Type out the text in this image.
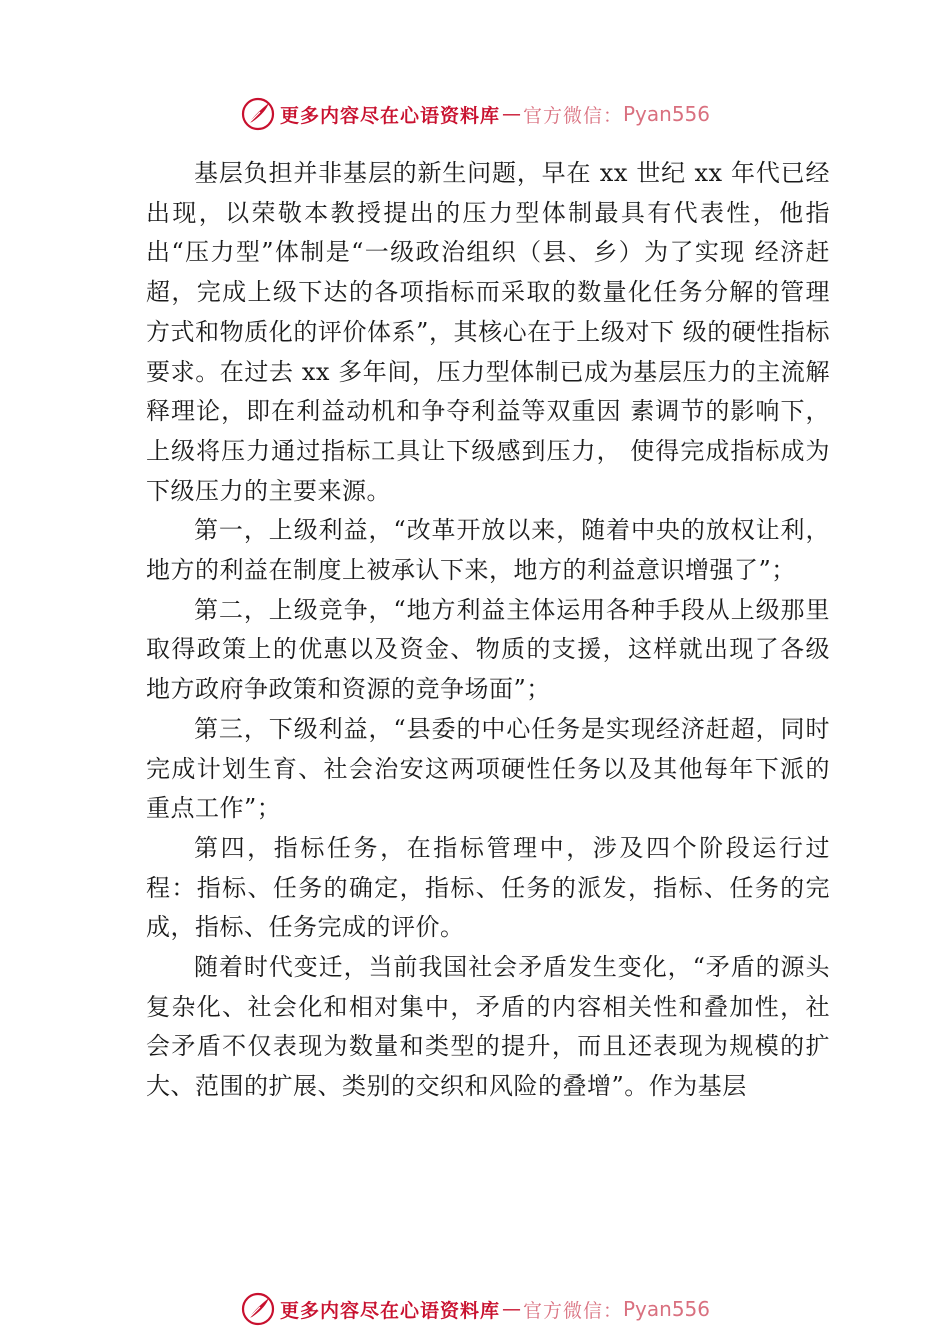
更多内容尽在心语资料库 — 官方微信： Pyan556

基层负担并非基层的新生问题，早在 xx 世纪 xx 年代已经出现，以荣敬本教授提出的压力型体制最具有代表性，他指出“压力型”体制是“一级政治组织（县、乡）为了实现 经济赶超，完成上级下达的各项指标而采取的数量化任务分解的管理方式和物质化的评价体系”，其核心在于上级对下 级的硬性指标要求。在过去 xx 多年间，压力型体制已成为基层压力的主流解释理论，即在利益动机和争夺利益等双重因 素调节的影响下，上级将压力通过指标工具让下级感到压力， 使得完成指标成为下级压力的主要来源。

第一，上级利益，“改革开放以来，随着中央的放权让利，地方的利益在制度上被承认下来，地方的利益意识增强了”；

第二，上级竞争，“地方利益主体运用各种手段从上级那里取得政策上的优惠以及资金、物质的支援，这样就出现了各级地方政府争政策和资源的竞争场面”；

第三，下级利益，“县委的中心任务是实现经济赶超，同时完成计划生育、社会治安这两项硬性任务以及其他每年下派的重点工作”；

第四，指标任务，在指标管理中，涉及四个阶段运行过程：指标、任务的确定，指标、任务的派发，指标、任务的完成，指标、任务完成的评价。

随着时代变迁，当前我国社会矛盾发生变化，“矛盾的源头复杂化、社会化和相对集中，矛盾的内容相关性和叠加性，社会矛盾不仅表现为数量和类型的提升，而且还表现为规模的扩大、范围的扩展、类别的交织和风险的叠增”。作为基层

更多内容尽在心语资料库 — 官方微信： Pyan556
